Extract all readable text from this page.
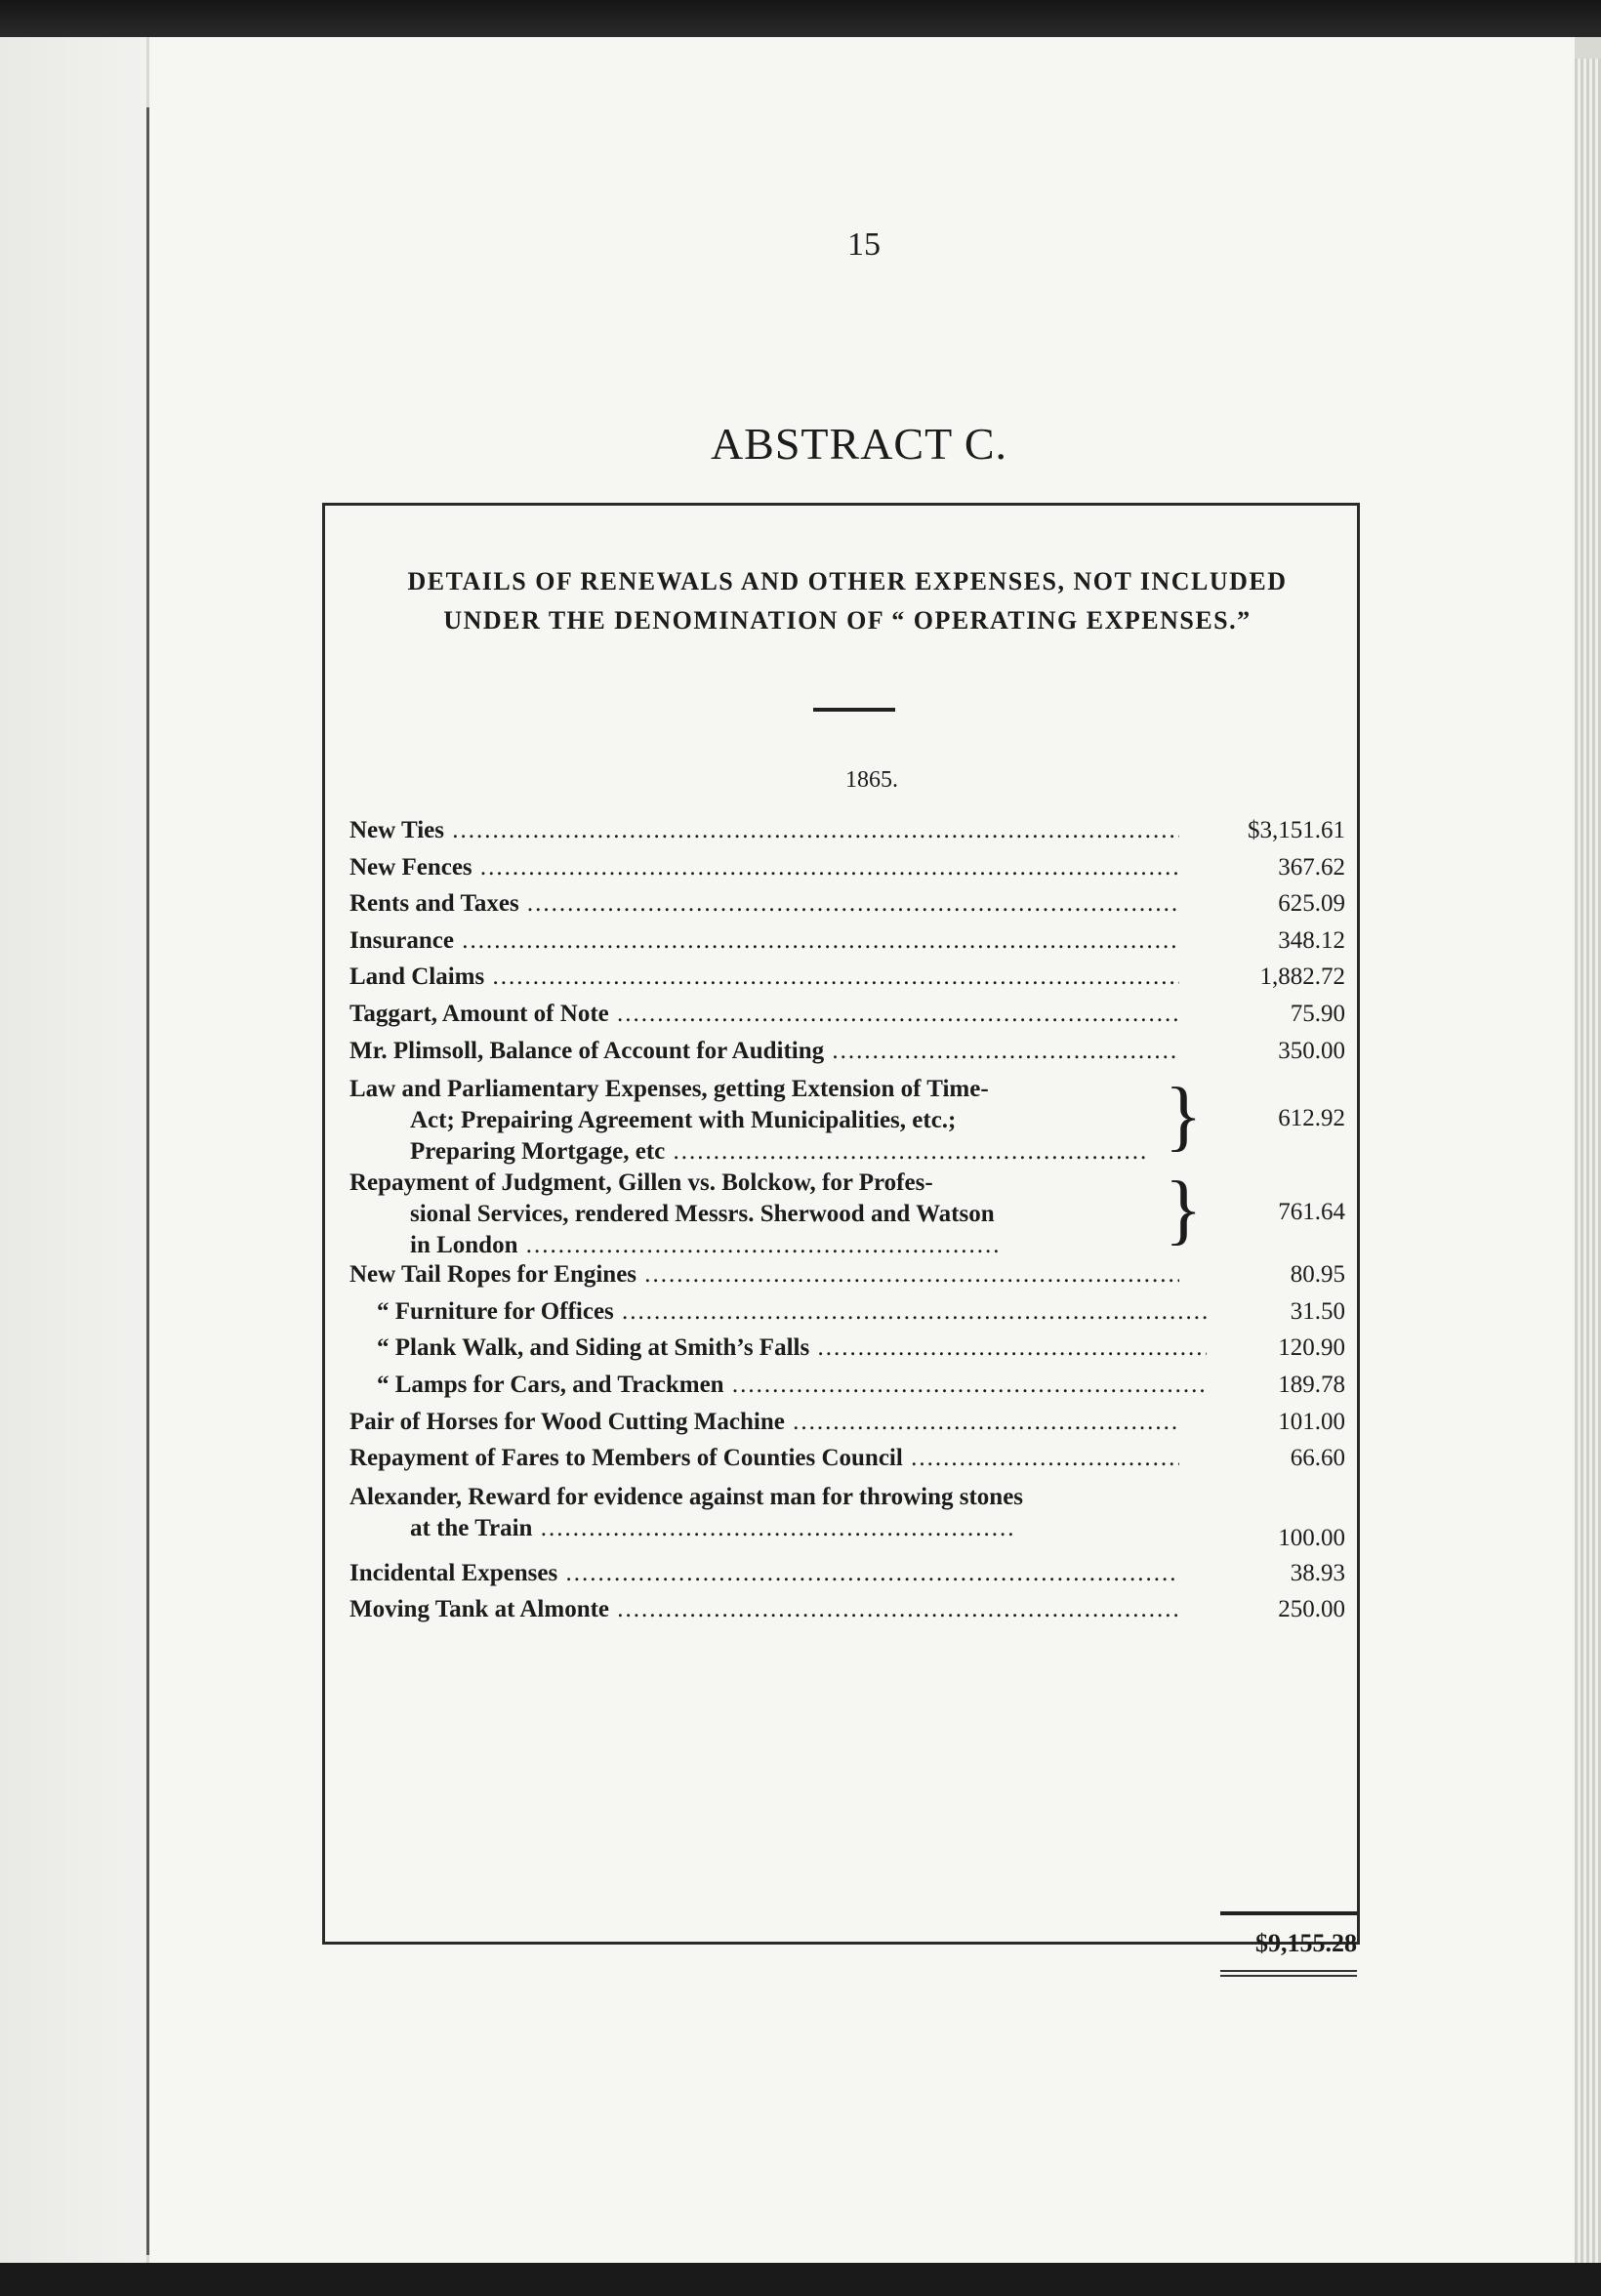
15
ABSTRACT C.
DETAILS OF RENEWALS AND OTHER EXPENSES, NOT INCLUDED
UNDER THE DENOMINATION OF “ OPERATING EXPENSES.”
1865.
New Ties .....	$3,151.61
New Fences .....	367.62
Rents and Taxes .....	625.09
Insurance .....	348.12
Land Claims .....	1,882.72
Taggart, Amount of Note .....	75.90
Mr. Plimsoll, Balance of Account for Auditing .....	350.00
Law and Parliamentary Expenses, getting Extension of Time-
Act; Prepairing Agreement with Municipalities, etc.;
Preparing Mortgage, etc .....	}	612.92
Repayment of Judgment, Gillen vs. Bolckow, for Profes-
sional Services, rendered Messrs. Sherwood and Watson
in London .....	}	761.64
New Tail Ropes for Engines .....	80.95
“ Furniture for Offices .....	31.50
“ Plank Walk, and Siding at Smith’s Falls .....	120.90
“ Lamps for Cars, and Trackmen .....	189.78
Pair of Horses for Wood Cutting Machine .....	101.00
Repayment of Fares to Members of Counties Council .....	66.60
Alexander, Reward for evidence against man for throwing stones
at the Train .....	100.00
Incidental Expenses .....	38.93
Moving Tank at Almonte .....	250.00
$9,155.28
